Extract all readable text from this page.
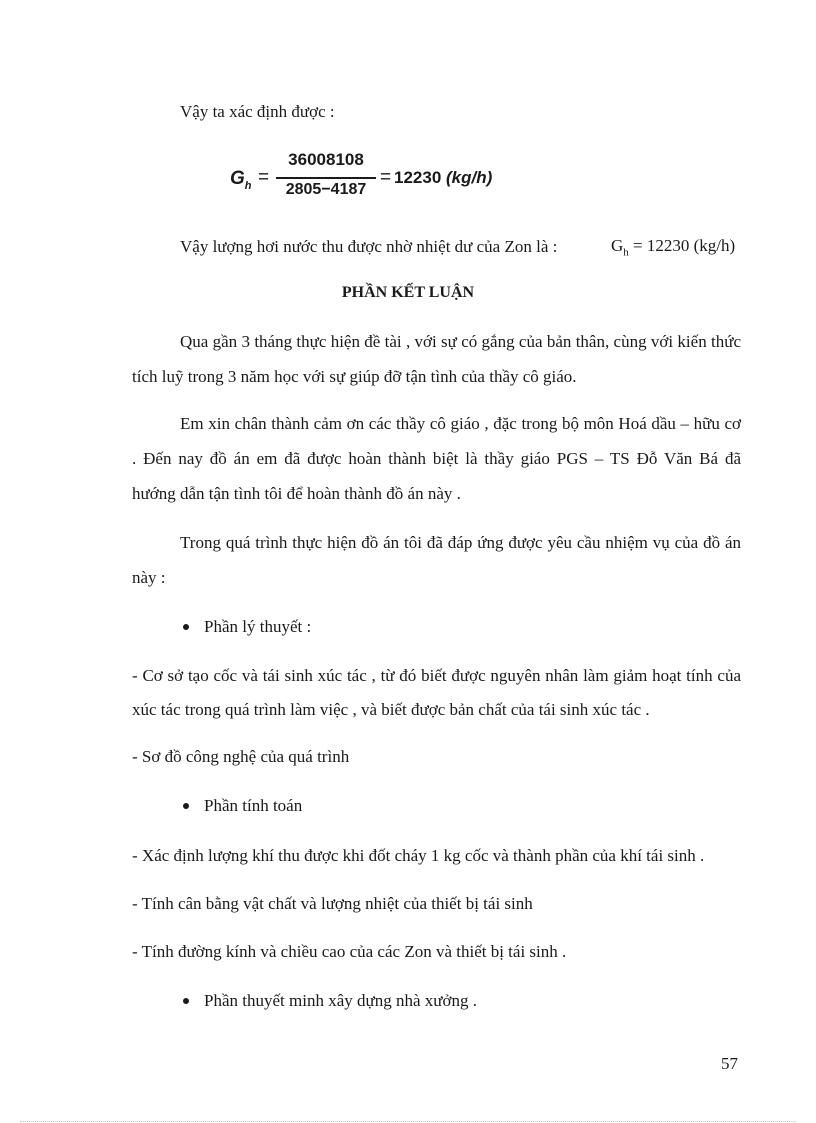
Vậy ta xác định được :
$G_h$ =
36008108
2805−4187
= 12230 (kg/h)
Vậy lượng hơi nước thu được nhờ nhiệt dư của Zon là :	$G_h = 12230$ (kg/h)
PHẦN KẾT LUẬN
Qua gần 3 tháng thực hiện đề tài , với sự có gắng của bản thân, cùng với kiến thức
tích luỹ trong 3 năm học với sự giúp đỡ tận tình của thầy cô giáo.
Em xin chân thành cảm ơn các thầy cô giáo , đặc trong bộ môn Hoá dầu – hữu cơ
. Đến nay đồ án em đã được hoàn thành biệt là thầy giáo PGS – TS Đỗ Văn Bá đã
hướng dẫn tận tình tôi để hoàn thành đồ án này .
Trong quá trình thực hiện đồ án tôi đã đáp ứng được yêu cầu nhiệm vụ của đồ án
này :
Phần lý thuyết :
- Cơ sở tạo cốc và tái sinh xúc tác , từ đó biết được nguyên nhân làm giảm hoạt tính của
xúc tác trong quá trình làm việc , và biết được bản chất của tái sinh xúc tác .
- Sơ đồ công nghệ của quá trình
Phần tính toán
- Xác định lượng khí thu được khi đốt cháy 1 kg cốc và thành phần của khí tái sinh .
- Tính cân bằng vật chất và lượng nhiệt của thiết bị tái sinh
- Tính đường kính và chiều cao của các Zon và thiết bị tái sinh .
Phần thuyết minh xây dựng nhà xưởng .
57
